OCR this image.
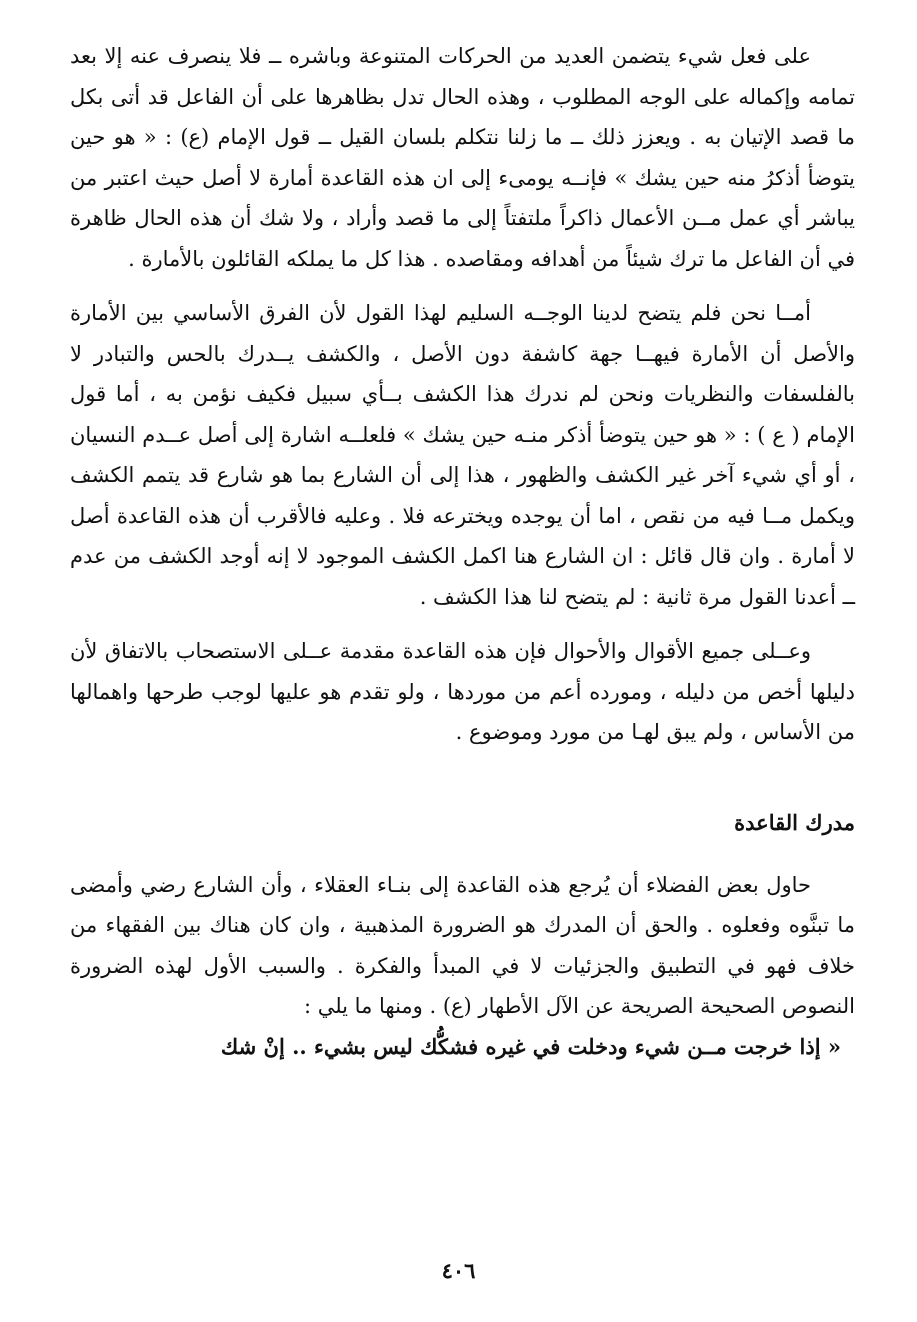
على فعل شيء يتضمن العديد من الحركات المتنوعة وباشره ــ فلا ينصرف عنه إلا بعد تمامه وإكماله على الوجه المطلوب ، وهذه الحال تدل بظاهرها على أن الفاعل قد أتى بكل ما قصد الإتيان به . ويعزز ذلك ــ ما زلنا نتكلم بلسان القيل ــ قول الإمام (ع) : « هو حين يتوضأ أذكرُ منه حين يشك » فإنــه يومىء إلى ان هذه القاعدة أمارة لا أصل حيث اعتبر من يباشر أي عمل مــن الأعمال ذاكراً ملتفتاً إلى ما قصد وأراد ، ولا شك أن هذه الحال ظاهرة في أن الفاعل ما ترك شيئاً من أهدافه ومقاصده . هذا كل ما يملكه القائلون بالأمارة .

أمــا نحن فلم يتضح لدينا الوجــه السليم لهذا القول لأن الفرق الأساسي بين الأمارة والأصل أن الأمارة فيهــا جهة كاشفة دون الأصل ، والكشف يــدرك بالحس والتبادر لا بالفلسفات والنظريات ونحن لم ندرك هذا الكشف بــأي سبيل فكيف نؤمن به ، أما قول الإمام ( ع ) : « هو حين يتوضأ أذكر منـه حين يشك » فلعلــه اشارة إلى أصل عــدم النسيان ، أو أي شيء آخر غير الكشف والظهور ، هذا إلى أن الشارع بما هو شارع قد يتمم الكشف ويكمل مــا فيه من نقص ، اما أن يوجده ويخترعه فلا . وعليه فالأقرب أن هذه القاعدة أصل لا أمارة . وان قال قائل : ان الشارع هنا اكمل الكشف الموجود لا إنه أوجد الكشف من عدم ــ أعدنا القول مرة ثانية : لم يتضح لنا هذا الكشف .

وعــلى جميع الأقوال والأحوال فإن هذه القاعدة مقدمة عــلى الاستصحاب بالاتفاق لأن دليلها أخص من دليله ، ومورده أعم من موردها ، ولو تقدم هو عليها لوجب طرحها واهمالها من الأساس ، ولم يبق لهـا من مورد وموضوع .

مدرك القاعدة

حاول بعض الفضلاء أن يُرجع هذه القاعدة إلى بنـاء العقلاء ، وأن الشارع رضي وأمضى ما تبنَّوه وفعلوه . والحق أن المدرك هو الضرورة المذهبية ، وان كان هناك بين الفقهاء من خلاف فهو في التطبيق والجزئيات لا في المبدأ والفكرة . والسبب الأول لهذه الضرورة النصوص الصحيحة الصريحة عن الآل الأطهار (ع) . ومنها ما يلي :

« إذا خرجت مــن شيء ودخلت في غيره فشكُّك ليس بشيء .. إنْ شك

٤٠٦
